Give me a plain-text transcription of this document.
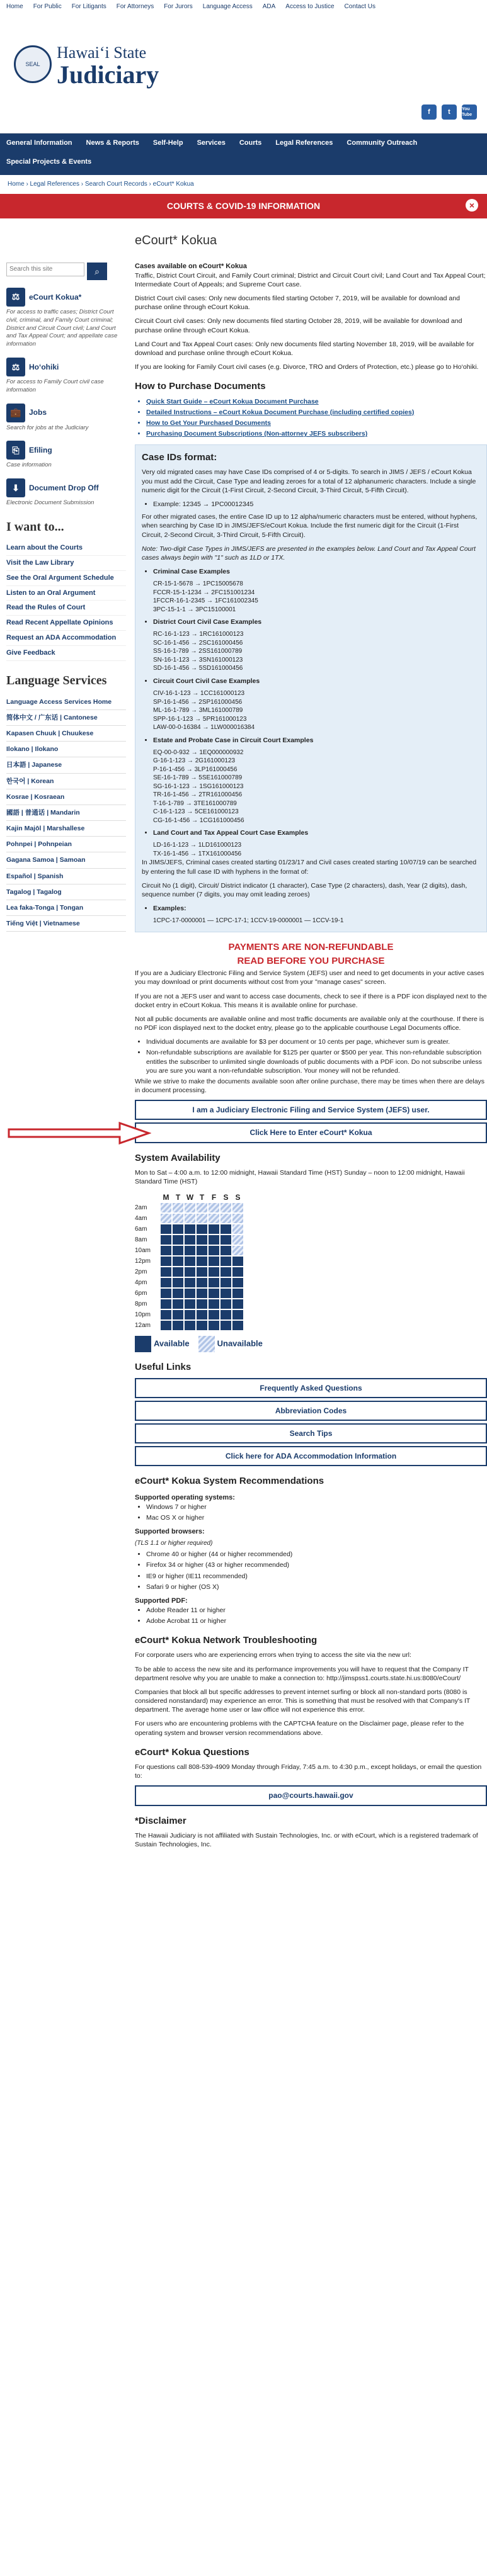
Home For Public For Litigants For Attorneys For Jurors Language Access ADA Access to Justice Contact Us
SEAL
Hawai‘i State
Judiciary
f	t	You Tube
General Information News & Reports Self-Help Services Courts Legal References Community Outreach
Special Projects & Events
Home › Legal References › Search Court Records › eCourt* Kokua
COURTS & COVID-19 INFORMATION	×
Search this site
⌕
⚖	eCourt Kokua*
For access to traffic cases; District Court civil, criminal, and Family Court criminal; District and Circuit Court civil; Land Court and Tax Appeal Court; and appellate case information
⚖	Ho‘ohiki
For access to Family Court civil case information
💼	Jobs
Search for jobs at the Judiciary
⎘	Efiling
Case information
⬇	Document Drop Off
Electronic Document Submission
I want to...
Learn about the Courts
Visit the Law Library
See the Oral Argument Schedule
Listen to an Oral Argument
Read the Rules of Court
Read Recent Appellate Opinions
Request an ADA Accommodation
Give Feedback
Language Services
Language Access Services Home
简体中文 / 广东话 | Cantonese
Kapasen Chuuk | Chuukese
Ilokano | Ilokano
日本語 | Japanese
한국어 | Korean
Kosrae | Kosraean
國語 | 普通话 | Mandarin
Kajin Majōl | Marshallese
Pohnpei | Pohnpeian
Gagana Samoa | Samoan
Español | Spanish
Tagalog | Tagalog
Lea faka-Tonga | Tongan
Tiếng Việt | Vietnamese
eCourt* Kokua
Cases available on eCourt* Kokua

Traffic, District Court Circuit, and Family Court criminal; District and Circuit Court civil; Land Court and Tax Appeal Court; Intermediate Court of Appeals; and Supreme Court case.

District Court civil cases: Only new documents filed starting October 7, 2019, will be available for download and purchase online through eCourt Kokua.

Circuit Court civil cases: Only new documents filed starting October 28, 2019, will be available for download and purchase online through eCourt Kokua.

Land Court and Tax Appeal Court cases: Only new documents filed starting November 18, 2019, will be available for download and purchase online through eCourt Kokua.

If you are looking for Family Court civil cases (e.g. Divorce, TRO and Orders of Protection, etc.) please go to Ho‘ohiki.

How to Purchase Documents
• Quick Start Guide – eCourt Kokua Document Purchase
• Detailed Instructions – eCourt Kokua Document Purchase (including certified copies)
• How to Get Your Purchased Documents
• Purchasing Document Subscriptions (Non-attorney JEFS subscribers)
Case IDs format:

Very old migrated cases may have Case IDs comprised of 4 or 5-digits. To search in JIMS / JEFS / eCourt Kokua you must add the Circuit, Case Type and leading zeroes for a total of 12 alphanumeric characters. Include a single numeric digit for the Circuit (1-First Circuit, 2-Second Circuit, 3-Third Circuit, 5-Fifth Circuit).

• Example: 12345 → 1PC00012345

For other migrated cases, the entire Case ID up to 12 alpha/numeric characters must be entered, without hyphens, when searching by Case ID in JIMS/JEFS/eCourt Kokua. Include the first numeric digit for the Circuit (1-First Circuit, 2-Second Circuit, 3-Third Circuit, 5-Fifth Circuit).

Note: Two-digit Case Types in JIMS/JEFS are presented in the examples below. Land Court and Tax Appeal Court cases always begin with "1" such as 1LD or 1TX.

• Criminal Case Examples
CR-15-1-5678 → 1PC15005678
FCCR-15-1-1234 → 2FC151001234
1FCCR-16-1-2345 → 1FC161002345
3PC-15-1-1 → 3PC15100001
• District Court Civil Case Examples
RC-16-1-123 → 1RC161000123
SC-16-1-456 → 2SC161000456
SS-16-1-789 → 2SS161000789
SN-16-1-123 → 3SN161000123
SD-16-1-456 → 5SD161000456
• Circuit Court Civil Case Examples
CIV-16-1-123 → 1CC161000123
SP-16-1-456 → 2SP161000456
ML-16-1-789 → 3ML161000789
SPP-16-1-123 → 5PR161000123
LAW-00-0-16384 → 1LW000016384
• Estate and Probate Case in Circuit Court Examples
EQ-00-0-932 → 1EQ000000932
G-16-1-123 → 2G161000123
P-16-1-456 → 3LP161000456
SE-16-1-789 → 5SE161000789
SG-16-1-123 → 1SG161000123
TR-16-1-456 → 2TR161000456
T-16-1-789 → 3TE161000789
C-16-1-123 → 5CE161000123
CG-16-1-456 → 1CG161000456
• Land Court and Tax Appeal Court Case Examples
LD-16-1-123 → 1LD161000123
TX-16-1-456 → 1TX161000456

In JIMS/JEFS, Criminal cases created starting 01/23/17 and Civil cases created starting 10/07/19 can be searched by entering the full case ID with hyphens in the format of:

Circuit No (1 digit), Circuit/ District indicator (1 character), Case Type (2 characters), dash, Year (2 digits), dash, sequence number (7 digits, you may omit leading zeroes)

• Examples:
1CPC-17-0000001 — 1CPC-17-1; 1CCV-19-0000001 — 1CCV-19-1
PAYMENTS ARE NON-REFUNDABLE
READ BEFORE YOU PURCHASE

If you are a Judiciary Electronic Filing and Service System (JEFS) user and need to get documents in your active cases you may download or print documents without cost from your "manage cases" screen.

If you are not a JEFS user and want to access case documents, check to see if there is a PDF icon displayed next to the docket entry in eCourt Kokua. This means it is available online for purchase.

Not all public documents are available online and most traffic documents are available only at the courthouse. If there is no PDF icon displayed next to the docket entry, please go to the applicable courthouse Legal Documents office.

• Individual documents are available for $3 per document or 10 cents per page, whichever sum is greater.
• Non-refundable subscriptions are available for $125 per quarter or $500 per year. This non-refundable subscription entitles the subscriber to unlimited single downloads of public documents with a PDF icon. Do not subscribe unless you are sure you want a non-refundable subscription. Your money will not be refunded.

While we strive to make the documents available soon after online purchase, there may be times when there are delays in document processing.

I am a Judiciary Electronic Filing and Service System (JEFS) user.
Click Here to Enter eCourt* Kokua
System Availability

Mon to Sat – 4:00 a.m. to 12:00 midnight, Hawaii Standard Time (HST) Sunday – noon to 12:00 midnight, Hawaii Standard Time (HST)

M T W T F S S
2am
4am
6am
8am
10am
12pm
2pm
4pm
6pm
8pm
10pm
12am
Available	Unavailable
Useful Links
Frequently Asked Questions
Abbreviation Codes
Search Tips
Click here for ADA Accommodation Information
eCourt* Kokua System Recommendations
Supported operating systems:
• Windows 7 or higher
• Mac OS X or higher
Supported browsers:
(TLS 1.1 or higher required)
• Chrome 40 or higher (44 or higher recommended)
• Firefox 34 or higher (43 or higher recommended)
• IE9 or higher (IE11 recommended)
• Safari 9 or higher (OS X)
Supported PDF:
• Adobe Reader 11 or higher
• Adobe Acrobat 11 or higher
eCourt* Kokua Network Troubleshooting

For corporate users who are experiencing errors when trying to access the site via the new url:

To be able to access the new site and its performance improvements you will have to request that the Company IT department resolve why you are unable to make a connection to: http://jimspss1.courts.state.hi.us:8080/eCourt/

Companies that block all but specific addresses to prevent internet surfing or block all non-standard ports (8080 is considered nonstandard) may experience an error. This is something that must be resolved with that Company's IT department. The average home user or law office will not experience this error.

For users who are encountering problems with the CAPTCHA feature on the Disclaimer page, please refer to the operating system and browser version recommendations above.

eCourt* Kokua Questions

For questions call 808-539-4909 Monday through Friday, 7:45 a.m. to 4:30 p.m., except holidays, or email the question to:

pao@courts.hawaii.gov
*Disclaimer

The Hawaii Judiciary is not affiliated with Sustain Technologies, Inc. or with eCourt, which is a registered trademark of Sustain Technologies, Inc.
